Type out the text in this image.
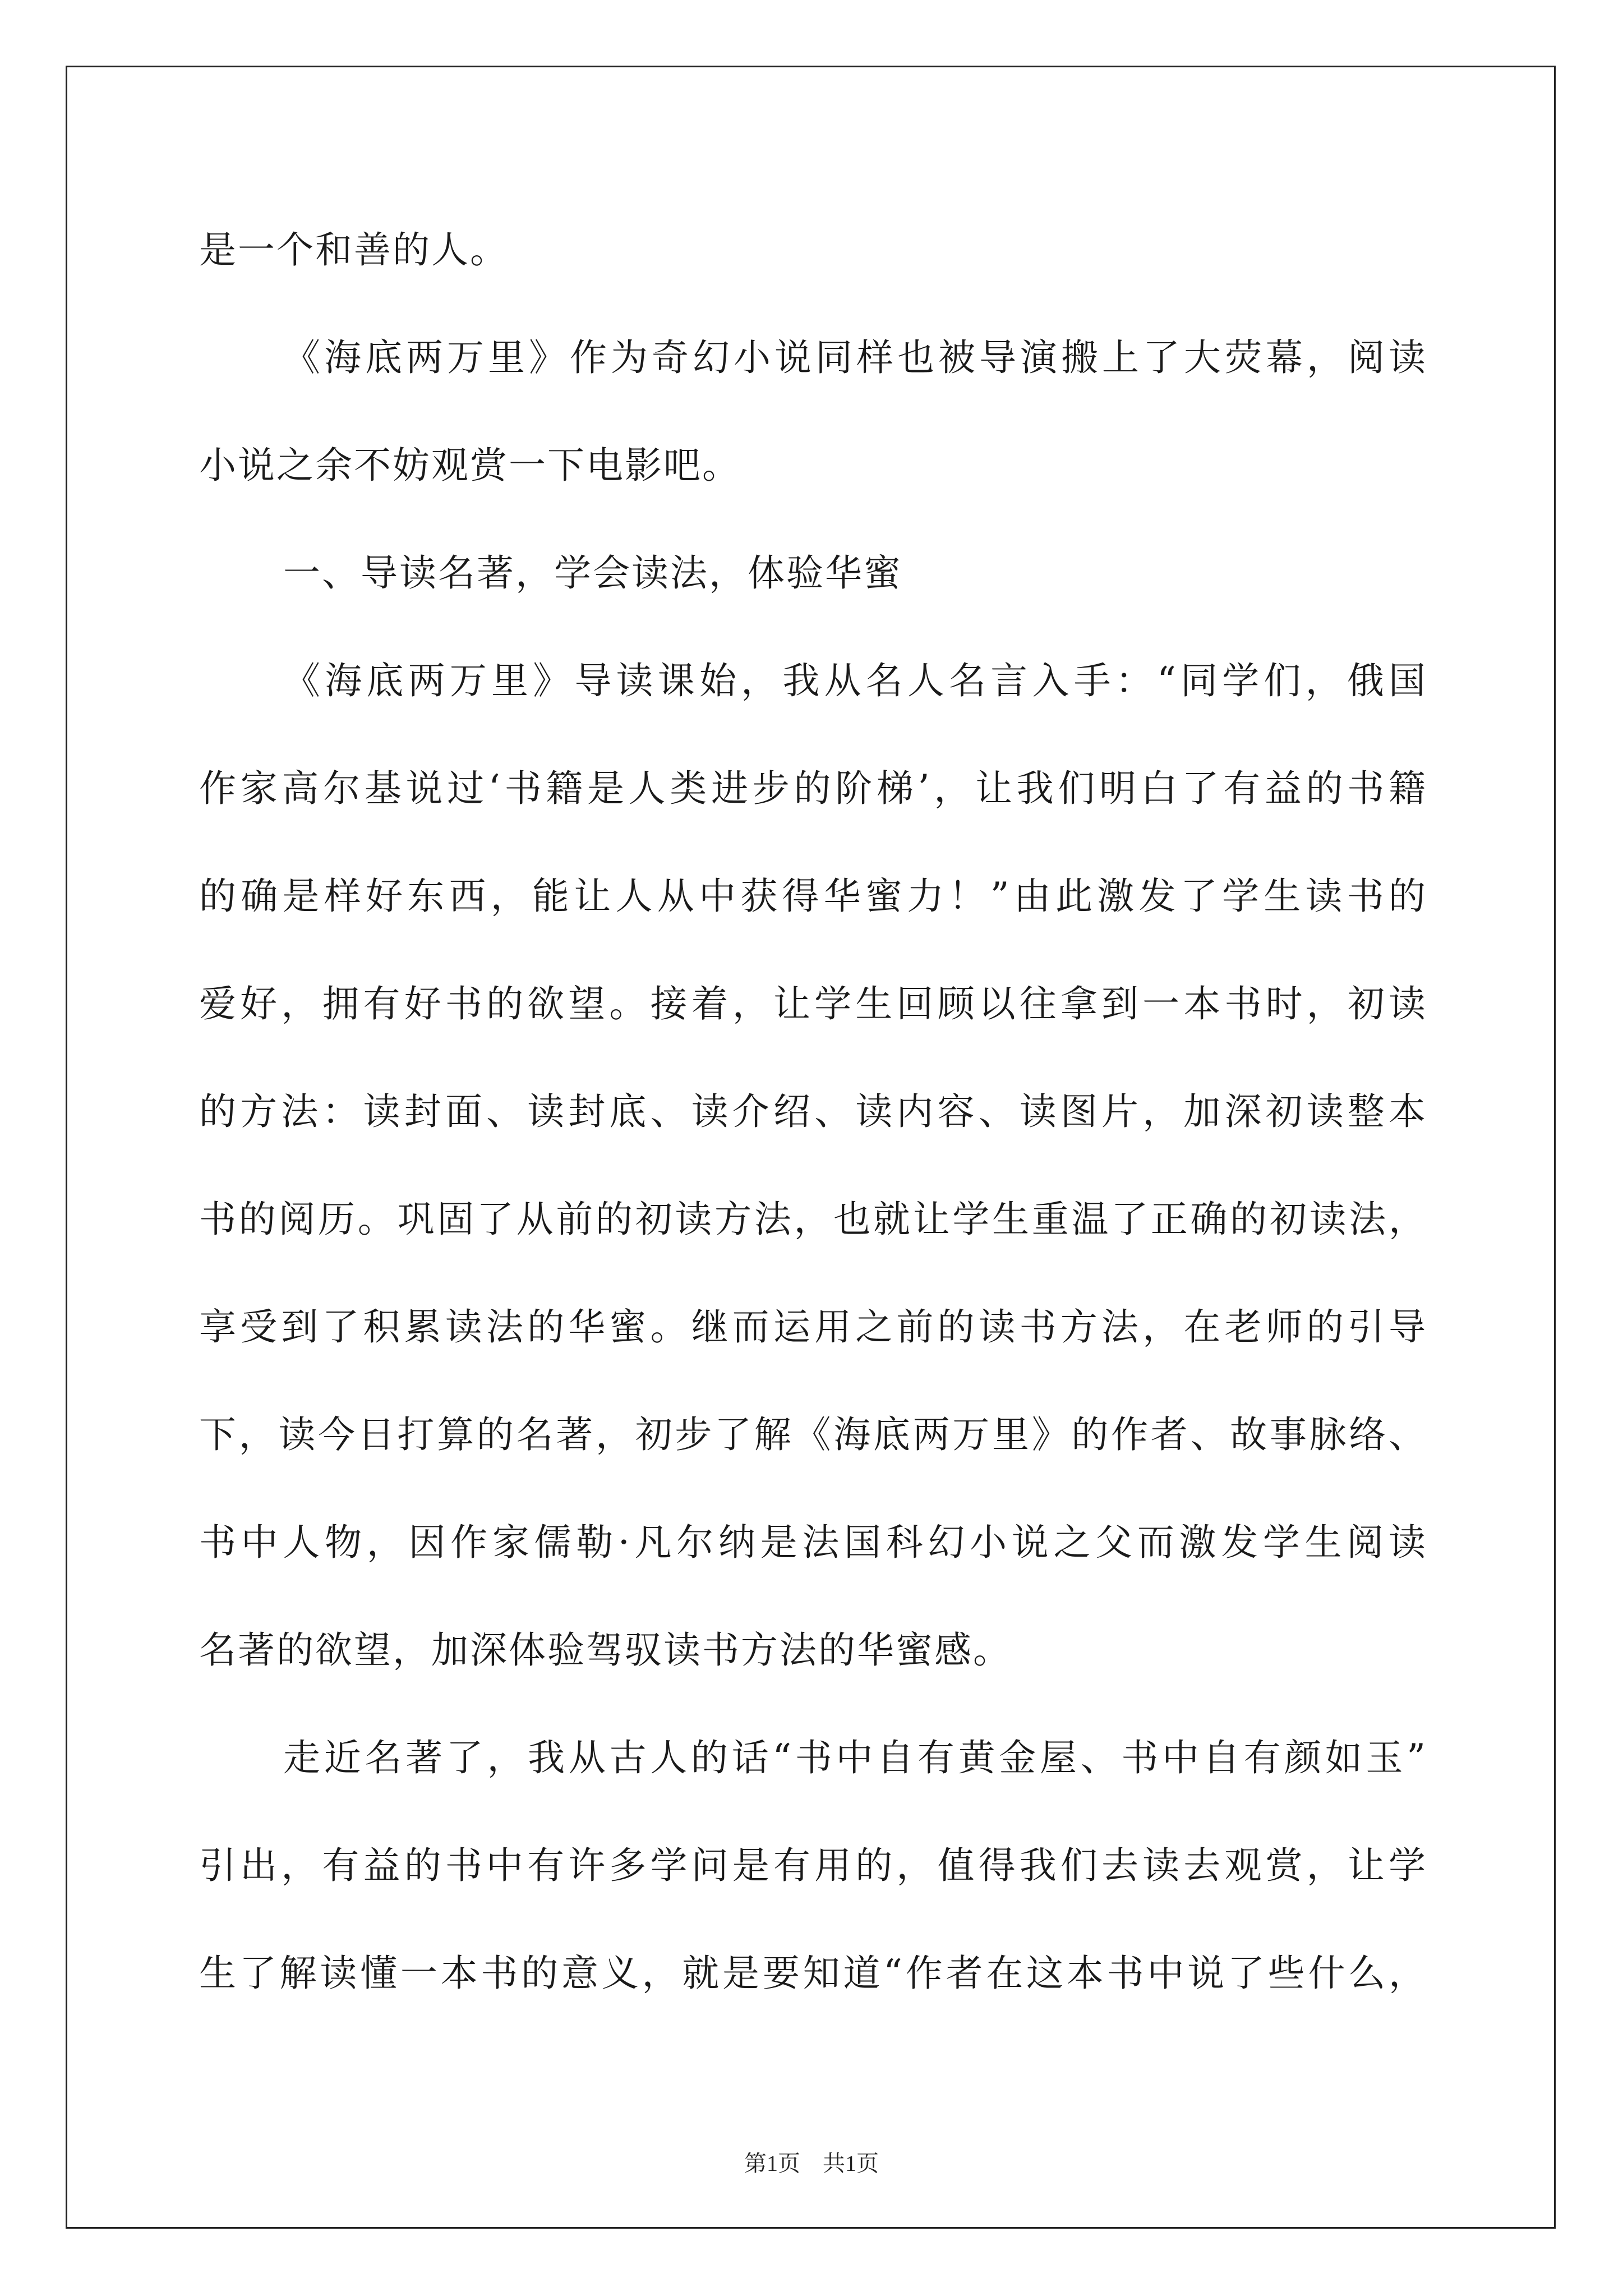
是一个和善的人。
《海底两万里》作为奇幻小说同样也被导演搬上了大荧幕，阅读
小说之余不妨观赏一下电影吧。
一、导读名著，学会读法，体验华蜜
《海底两万里》导读课始，我从名人名言入手：“同学们，俄国
作家高尔基说过‘书籍是人类进步的阶梯’，让我们明白了有益的书籍
的确是样好东西，能让人从中获得华蜜力！”由此激发了学生读书的
爱好，拥有好书的欲望。接着，让学生回顾以往拿到一本书时，初读
的方法：读封面、读封底、读介绍、读内容、读图片，加深初读整本
书的阅历。巩固了从前的初读方法，也就让学生重温了正确的初读法，
享受到了积累读法的华蜜。继而运用之前的读书方法，在老师的引导
下，读今日打算的名著，初步了解《海底两万里》的作者、故事脉络、
书中人物，因作家儒勒·凡尔纳是法国科幻小说之父而激发学生阅读
名著的欲望，加深体验驾驭读书方法的华蜜感。
走近名著了，我从古人的话“书中自有黄金屋、书中自有颜如玉”
引出，有益的书中有许多学问是有用的，值得我们去读去观赏，让学
生了解读懂一本书的意义，就是要知道“作者在这本书中说了些什么，
第1页 共1页
